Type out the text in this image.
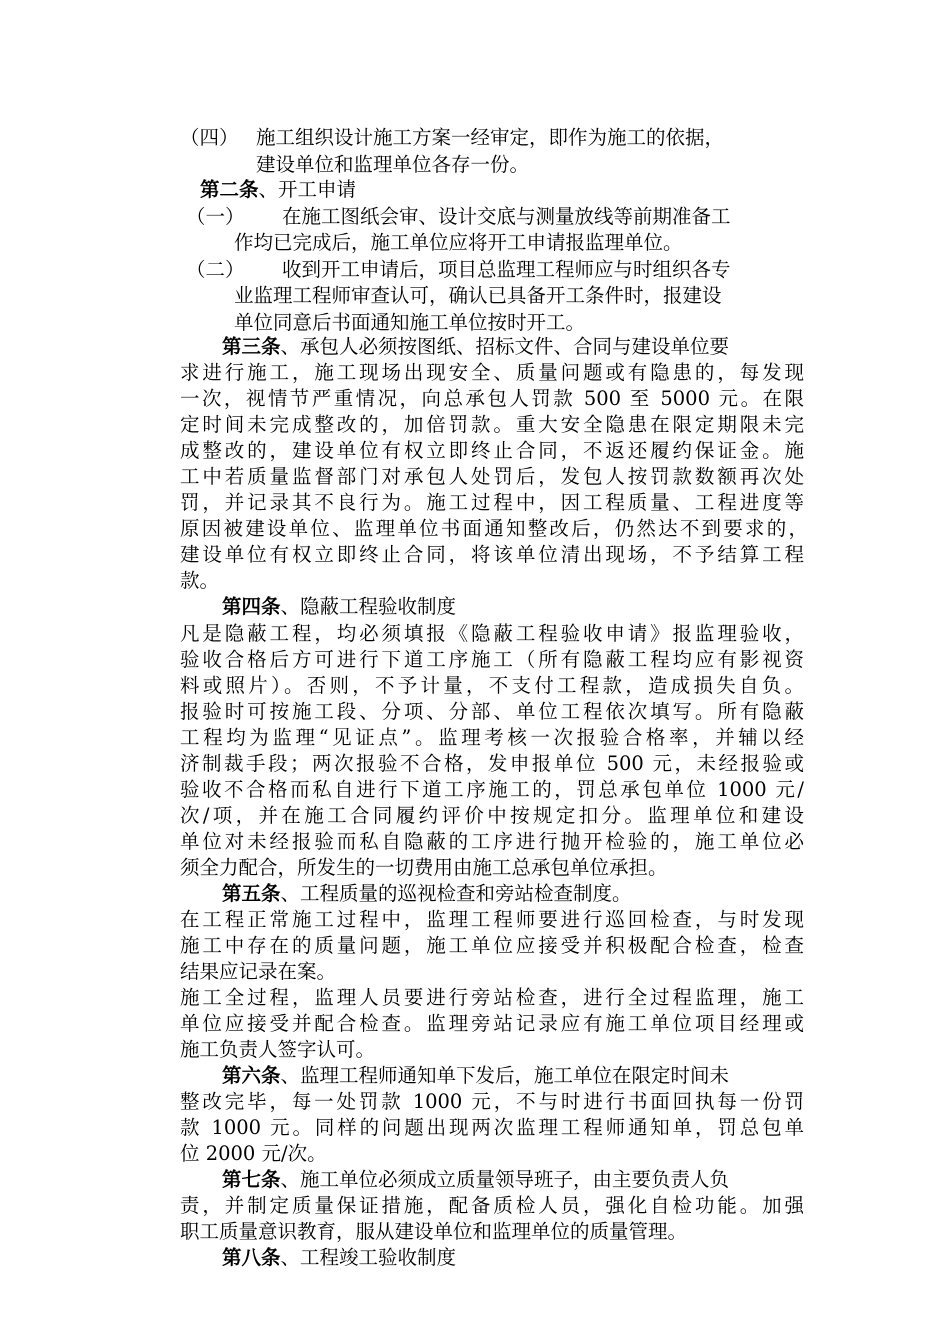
（四） 施工组织设计施工方案一经审定，即作为施工的依据，
建设单位和监理单位各存一份。
第二条、开工申请
（一） 在施工图纸会审、设计交底与测量放线等前期准备工
作均已完成后，施工单位应将开工申请报监理单位。
（二） 收到开工申请后，项目总监理工程师应与时组织各专
业监理工程师审查认可，确认已具备开工条件时，报建设
单位同意后书面通知施工单位按时开工。
第三条、承包人必须按图纸、招标文件、合同与建设单位要
求进行施工，施工现场出现安全、质量问题或有隐患的，每发现
一次，视情节严重情况，向总承包人罚款 500 至 5000 元。在限
定时间未完成整改的，加倍罚款。重大安全隐患在限定期限未完
成整改的，建设单位有权立即终止合同，不返还履约保证金。施
工中若质量监督部门对承包人处罚后，发包人按罚款数额再次处
罚，并记录其不良行为。施工过程中，因工程质量、工程进度等
原因被建设单位、监理单位书面通知整改后，仍然达不到要求的，
建设单位有权立即终止合同，将该单位清出现场，不予结算工程
款。
第四条、隐蔽工程验收制度
凡是隐蔽工程，均必须填报《隐蔽工程验收申请》报监理验收，
验收合格后方可进行下道工序施工（所有隐蔽工程均应有影视资
料或照片）。否则，不予计量，不支付工程款，造成损失自负。
报验时可按施工段、分项、分部、单位工程依次填写。所有隐蔽
工程均为监理“见证点”。监理考核一次报验合格率，并辅以经
济制裁手段；两次报验不合格，发申报单位 500 元，未经报验或
验收不合格而私自进行下道工序施工的，罚总承包单位 1000 元/
次/项，并在施工合同履约评价中按规定扣分。监理单位和建设
单位对未经报验而私自隐蔽的工序进行抛开检验的，施工单位必
须全力配合，所发生的一切费用由施工总承包单位承担。
第五条、工程质量的巡视检查和旁站检查制度。
在工程正常施工过程中，监理工程师要进行巡回检查，与时发现
施工中存在的质量问题，施工单位应接受并积极配合检查，检查
结果应记录在案。
施工全过程，监理人员要进行旁站检查，进行全过程监理，施工
单位应接受并配合检查。监理旁站记录应有施工单位项目经理或
施工负责人签字认可。
第六条、监理工程师通知单下发后，施工单位在限定时间未
整改完毕，每一处罚款 1000 元，不与时进行书面回执每一份罚
款 1000 元。同样的问题出现两次监理工程师通知单，罚总包单
位 2000 元/次。
第七条、施工单位必须成立质量领导班子，由主要负责人负
责，并制定质量保证措施，配备质检人员，强化自检功能。加强
职工质量意识教育，服从建设单位和监理单位的质量管理。
第八条、工程竣工验收制度
